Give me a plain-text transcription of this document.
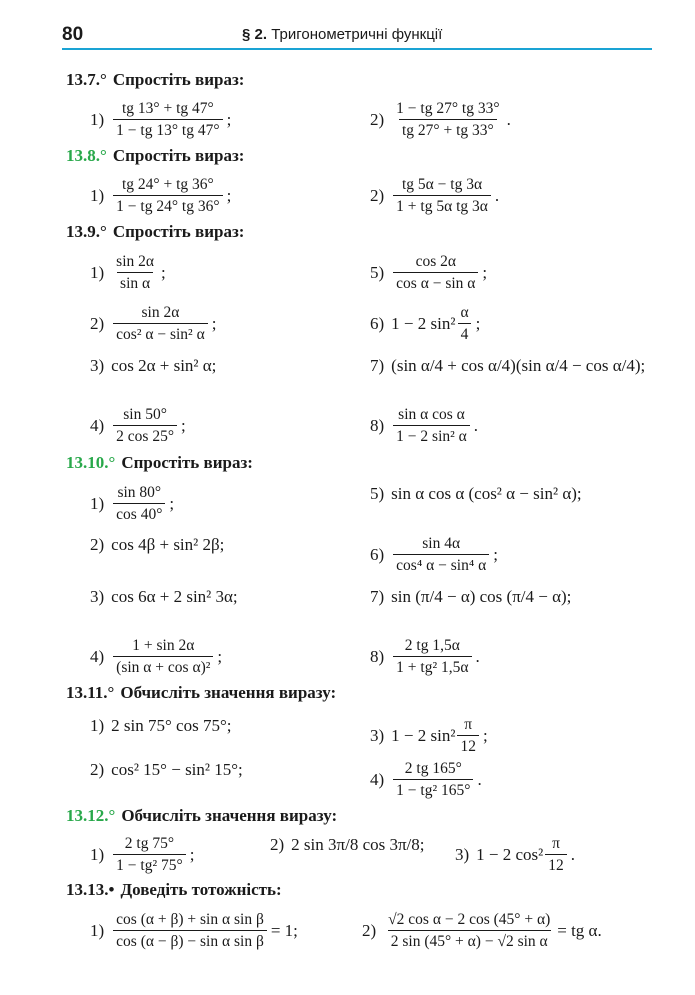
80	§ 2. Тригонометричні функції
13.7.° Спростіть вираз:
$1) \frac{tg 13^\circ + tg 47^\circ}{1 - tg 13^\circ tg 47^\circ}$ ;	$2) \frac{1 - tg 27^\circ tg 33^\circ}{tg 27^\circ + tg 33^\circ}$ .
13.8.° Спростіть вираз:
$1) \frac{tg 24^\circ + tg 36^\circ}{1 - tg 24^\circ tg 36^\circ}$ ;	$2) \frac{tg 5\alpha - tg 3\alpha}{\text{1 + tg 5α tg 3α}}$ .
13.9.° Спростіть вираз:
$1) \frac{\sin 2\alpha}{\text{sin α}}$ ;	$5) \frac{\cos 2\alpha}{\text{cos α − sin α}}$ ;
$2) \frac{\sin 2\alpha}{\text{cos² α − sin² α}}$ ;	6) 1 − 2 $\sin^2 \frac{\alpha}{4}$ ;
3) cos 2α + sin² α;	7) (sin α/4 + cos α/4)(sin α/4 − cos α/4);
$4) \frac{\sin 50^\circ}{2 \cos 25^\circ}$ ;	$8) \frac{\text{sin α cos α}}{\text{1 − 2 sin² α}}$ .
13.10.° Спростіть вираз:
$1) \frac{\sin 80^\circ}{\cos 40^\circ}$ ;	5) sin α cos α (cos² α − sin² α);
2) cos 4β + sin² 2β;	$6) \frac{\sin 4\alpha}{\text{cos⁴ α − sin⁴ α}}$ ;
3) cos 6α + 2 sin² 3α;	7) sin (π/4 − α) cos (π/4 − α);
$4) \frac{1 + \sin 2\alpha}{\text{(sin α + cos α)²}}$ ;	$8) \frac{2 tg 1,5\alpha}{\text{1 + tg² 1,5α}}$ .
13.11.° Обчисліть значення виразу:
1) 2 sin 75° cos 75°;	3) 1 − 2 $\sin^2 \frac{\pi}{12}$ ;
2) cos² 15° − sin² 15°;	$4) \frac{2 tg 165^\circ}{\text{1 − tg² 165°}}$ .
13.12.° Обчисліть значення виразу:
$1) \frac{2 tg 75^\circ}{\text{1 − tg² 75°}}$ ;	2) 2 sin 3π/8 cos 3π/8; 3) 1 − 2 $\cos^2 \frac{\pi}{12}$ .
13.13.• Доведіть тотожність:
$1) \frac{\text{cos (α + β) + sin α sin β}}{\text{cos (α − β) − sin α sin β}} = 1$;	$2) \frac{\text{√2 cos α − 2 cos (45° + α)}}{\text{2 sin (45° + α) − √2 sin α}}$ = tg α.
